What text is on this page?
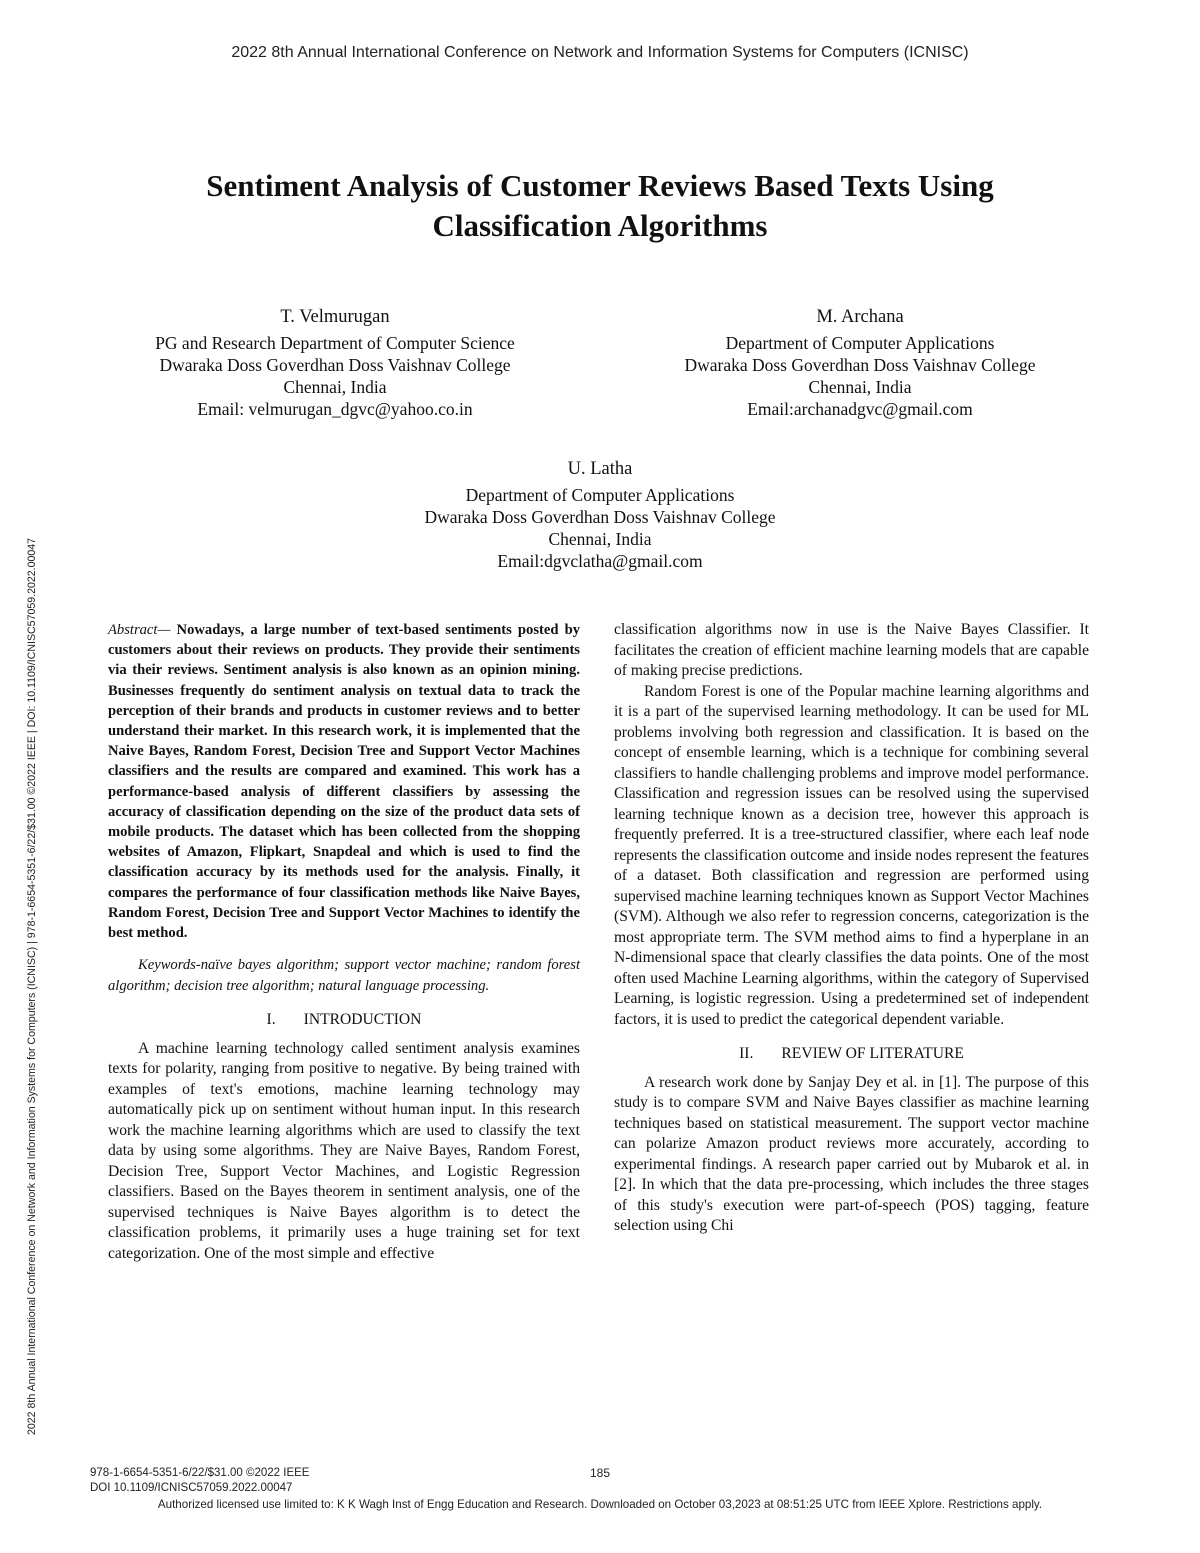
2022 8th Annual International Conference on Network and Information Systems for Computers (ICNISC)
2022 8th Annual International Conference on Network and Information Systems for Computers (ICNISC) | 978-1-6654-5351-6/22/$31.00 ©2022 IEEE | DOI: 10.1109/ICNISC57059.2022.00047
Sentiment Analysis of Customer Reviews Based Texts Using
Classification Algorithms
T. Velmurugan
PG and Research Department of Computer Science
Dwaraka Doss Goverdhan Doss Vaishnav College
Chennai, India
Email: velmurugan_dgvc@yahoo.co.in
M. Archana
Department of Computer Applications
Dwaraka Doss Goverdhan Doss Vaishnav College
Chennai, India
Email:archanadgvc@gmail.com
U. Latha
Department of Computer Applications
Dwaraka Doss Goverdhan Doss Vaishnav College
Chennai, India
Email:dgvclatha@gmail.com

Abstract— Nowadays, a large number of text-based sentiments posted by customers about their reviews on products. They provide their sentiments via their reviews. Sentiment analysis is also known as an opinion mining. Businesses frequently do sentiment analysis on textual data to track the perception of their brands and products in customer reviews and to better understand their market. In this research work, it is implemented that the Naive Bayes, Random Forest, Decision Tree and Support Vector Machines classifiers and the results are compared and examined. This work has a performance-based analysis of different classifiers by assessing the accuracy of classification depending on the size of the product data sets of mobile products. The dataset which has been collected from the shopping websites of Amazon, Flipkart, Snapdeal and which is used to find the classification accuracy by its methods used for the analysis. Finally, it compares the performance of four classification methods like Naive Bayes, Random Forest, Decision Tree and Support Vector Machines to identify the best method.

Keywords-naïve bayes algorithm; support vector machine; random forest algorithm; decision tree algorithm; natural language processing.

I. INTRODUCTION

A machine learning technology called sentiment analysis examines texts for polarity, ranging from positive to negative. By being trained with examples of text's emotions, machine learning technology may automatically pick up on sentiment without human input. In this research work the machine learning algorithms which are used to classify the text data by using some algorithms. They are Naive Bayes, Random Forest, Decision Tree, Support Vector Machines, and Logistic Regression classifiers. Based on the Bayes theorem in sentiment analysis, one of the supervised techniques is Naive Bayes algorithm is to detect the classification problems, it primarily uses a huge training set for text categorization. One of the most simple and effective

classification algorithms now in use is the Naive Bayes Classifier. It facilitates the creation of efficient machine learning models that are capable of making precise predictions.

Random Forest is one of the Popular machine learning algorithms and it is a part of the supervised learning methodology. It can be used for ML problems involving both regression and classification. It is based on the concept of ensemble learning, which is a technique for combining several classifiers to handle challenging problems and improve model performance. Classification and regression issues can be resolved using the supervised learning technique known as a decision tree, however this approach is frequently preferred. It is a tree-structured classifier, where each leaf node represents the classification outcome and inside nodes represent the features of a dataset. Both classification and regression are performed using supervised machine learning techniques known as Support Vector Machines (SVM). Although we also refer to regression concerns, categorization is the most appropriate term. The SVM method aims to find a hyperplane in an N-dimensional space that clearly classifies the data points. One of the most often used Machine Learning algorithms, within the category of Supervised Learning, is logistic regression. Using a predetermined set of independent factors, it is used to predict the categorical dependent variable.

II. REVIEW OF LITERATURE

A research work done by Sanjay Dey et al. in [1]. The purpose of this study is to compare SVM and Naive Bayes classifier as machine learning techniques based on statistical measurement. The support vector machine can polarize Amazon product reviews more accurately, according to experimental findings. A research paper carried out by Mubarok et al. in [2]. In which that the data pre-processing, which includes the three stages of this study's execution were part-of-speech (POS) tagging, feature selection using Chi

978-1-6654-5351-6/22/$31.00 ©2022 IEEE
DOI 10.1109/ICNISC57059.2022.00047
185
Authorized licensed use limited to: K K Wagh Inst of Engg Education and Research. Downloaded on October 03,2023 at 08:51:25 UTC from IEEE Xplore. Restrictions apply.
